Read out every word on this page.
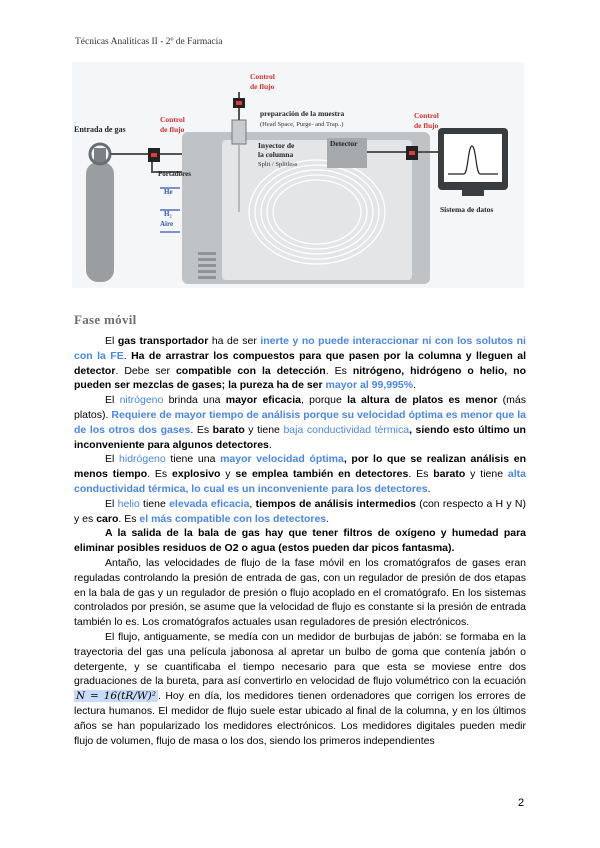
Técnicas Analíticas II - 2º de Farmacia
Entrada de gas
Control
de flujo
Control
de flujo
Control
de flujo
preparación de la muestra
(Head Space, Purge- and Trap..)
Inyector de
la columna
Split / Splitless
Detector
Portadores
He
H₂
Aire
Sistema de datos
Fase móvil

El gas transportador ha de ser inerte y no puede interaccionar ni con los solutos ni con la FE. Ha de arrastrar los compuestos para que pasen por la columna y lleguen al detector. Debe ser compatible con la detección. Es nitrógeno, hidrógeno o helio, no pueden ser mezclas de gases; la pureza ha de ser mayor al 99,995%.

El nitrógeno brinda una mayor eficacia, porque la altura de platos es menor (más platos). Requiere de mayor tiempo de análisis porque su velocidad óptima es menor que la de los otros dos gases. Es barato y tiene baja conductividad térmica, siendo esto último un inconveniente para algunos detectores.

El hidrógeno tiene una mayor velocidad óptima, por lo que se realizan análisis en menos tiempo. Es explosivo y se emplea también en detectores. Es barato y tiene alta conductividad térmica, lo cual es un inconveniente para los detectores.

El helio tiene elevada eficacia, tiempos de análisis intermedios (con respecto a H y N) y es caro. Es el más compatible con los detectores.

A la salida de la bala de gas hay que tener filtros de oxígeno y humedad para eliminar posibles residuos de O2 o agua (estos pueden dar picos fantasma).

Antaño, las velocidades de flujo de la fase móvil en los cromatógrafos de gases eran reguladas controlando la presión de entrada de gas, con un regulador de presión de dos etapas en la bala de gas y un regulador de presión o flujo acoplado en el cromatógrafo. En los sistemas controlados por presión, se asume que la velocidad de flujo es constante si la presión de entrada también lo es. Los cromatógrafos actuales usan reguladores de presión electrónicos.

El flujo, antiguamente, se medía con un medidor de burbujas de jabón: se formaba en la trayectoria del gas una película jabonosa al apretar un bulbo de goma que contenía jabón o detergente, y se cuantificaba el tiempo necesario para que esta se moviese entre dos graduaciones de la bureta, para así convertirlo en velocidad de flujo volumétrico con la ecuación N = 16(tR/W)² . Hoy en día, los medidores tienen ordenadores que corrigen los errores de lectura humanos. El medidor de flujo suele estar ubicado al final de la columna, y en los últimos años se han popularizado los medidores electrónicos. Los medidores digitales pueden medir flujo de volumen, flujo de masa o los dos, siendo los primeros independientes

2
